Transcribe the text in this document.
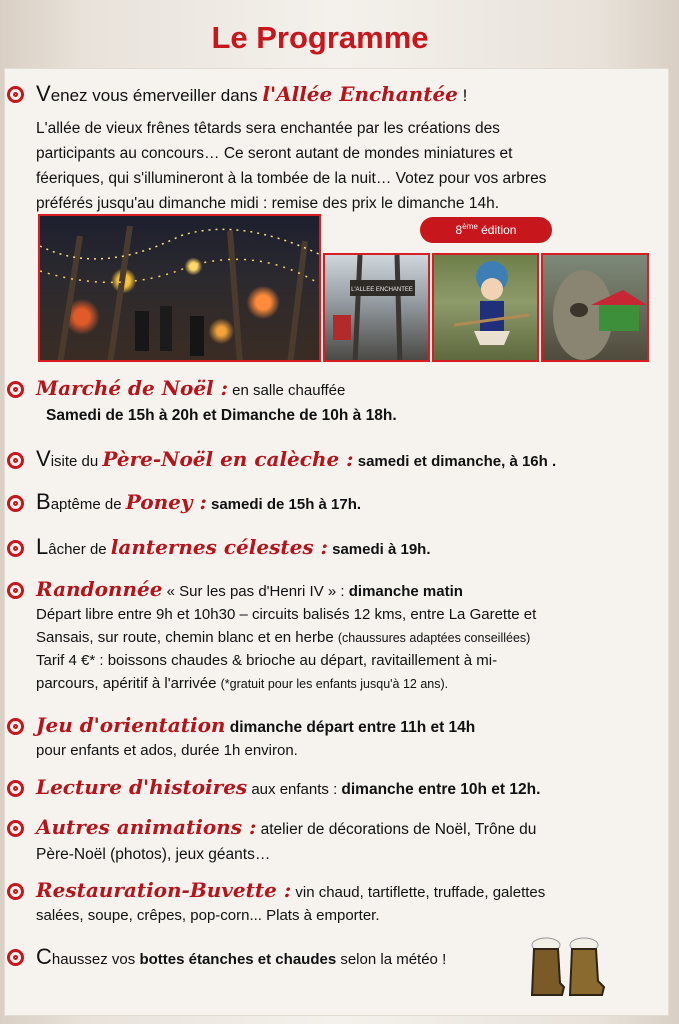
Le Programme
Venez vous émerveiller dans l'Allée Enchantée !
L'allée de vieux frênes têtards sera enchantée par les créations des
participants au concours… Ce seront autant de mondes miniatures et
féeriques, qui s'illumineront à la tombée de la nuit… Votez pour vos arbres
préférés jusqu'au dimanche midi : remise des prix le dimanche 14h.
8ème édition
L'ALLEE ENCHANTEE
Marché de Noël : en salle chauffée
Samedi de 15h à 20h et Dimanche de 10h à 18h.
Visite du Père-Noël en calèche : samedi et dimanche, à 16h .
Baptême de Poney : samedi de 15h à 17h.
Lâcher de lanternes célestes : samedi à 19h.
Randonnée « Sur les pas d'Henri IV » : dimanche matin
Départ libre entre 9h et 10h30 – circuits balisés 12 kms, entre La Garette et
Sansais, sur route, chemin blanc et en herbe (chaussures adaptées conseillées)
Tarif 4 €* : boissons chaudes & brioche au départ, ravitaillement à mi-
parcours, apéritif à l'arrivée (*gratuit pour les enfants jusqu'à 12 ans).
Jeu d'orientation dimanche départ entre 11h et 14h
pour enfants et ados, durée 1h environ.
Lecture d'histoires aux enfants : dimanche entre 10h et 12h.
Autres animations : atelier de décorations de Noël, Trône du
Père-Noël (photos), jeux géants…
Restauration-Buvette : vin chaud, tartiflette, truffade, galettes
salées, soupe, crêpes, pop-corn... Plats à emporter.
Chaussez vos bottes étanches et chaudes selon la météo !
